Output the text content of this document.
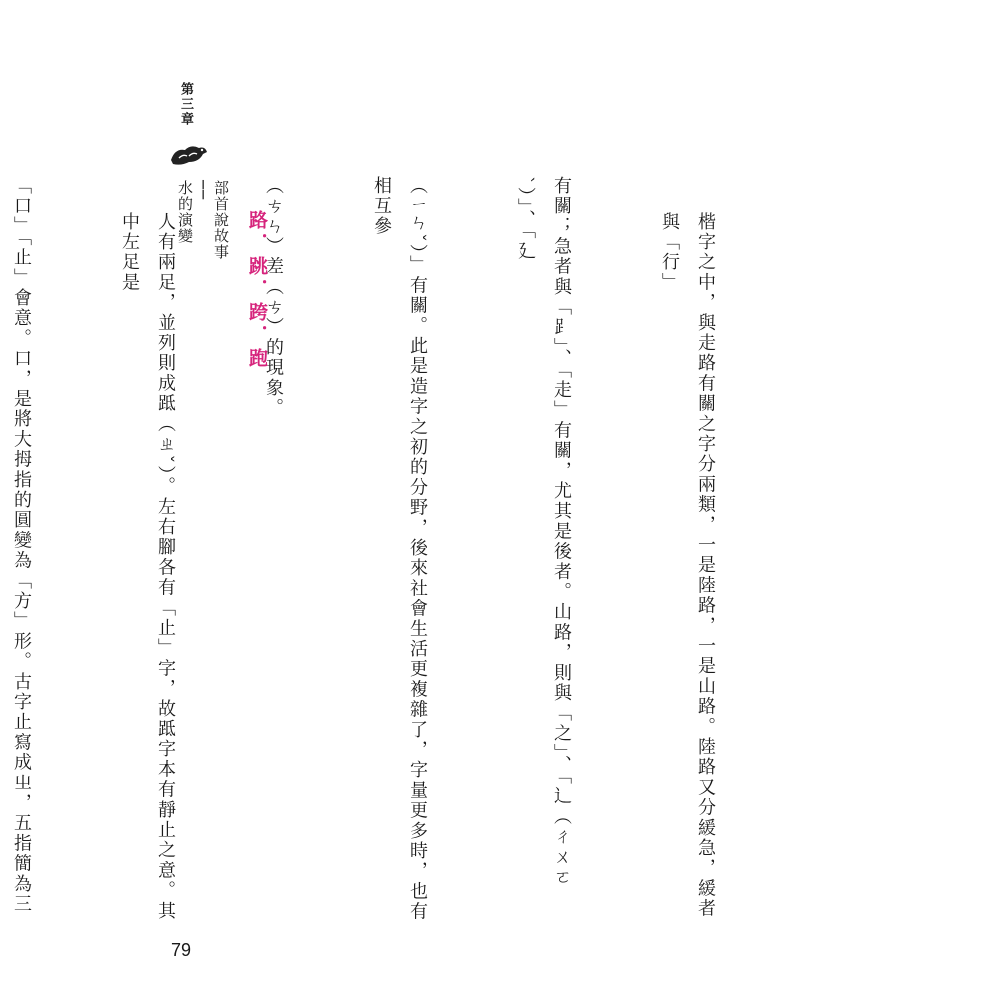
第三章
部首說故事
──
水的演變

	楷字之中，與走路有關之字分兩類，一是陸路，一是山路。陸路又分緩急，緩者與「行」

有關；急者與「⻊」、「走」有關，尤其是後者。山路，則與「之」、「辶（ㄔㄨㄛˋ）」、「廴

（ㄧㄣˇ）」有關。此是造字之初的分野，後來社會生活更複雜了，字量更多時，也有相互參

（ㄘㄣ）差（ㄘ）的現象。

人有兩足，並列則成䟡（ㄓˇ）。左右腳各有「止」字，故䟡字本有靜止之意。其中左足是

「口」「止」會意。口，是將大拇指的圓變為「方」形。古字止寫成㞢，五指簡為三

路．跳．跨．跑
79
